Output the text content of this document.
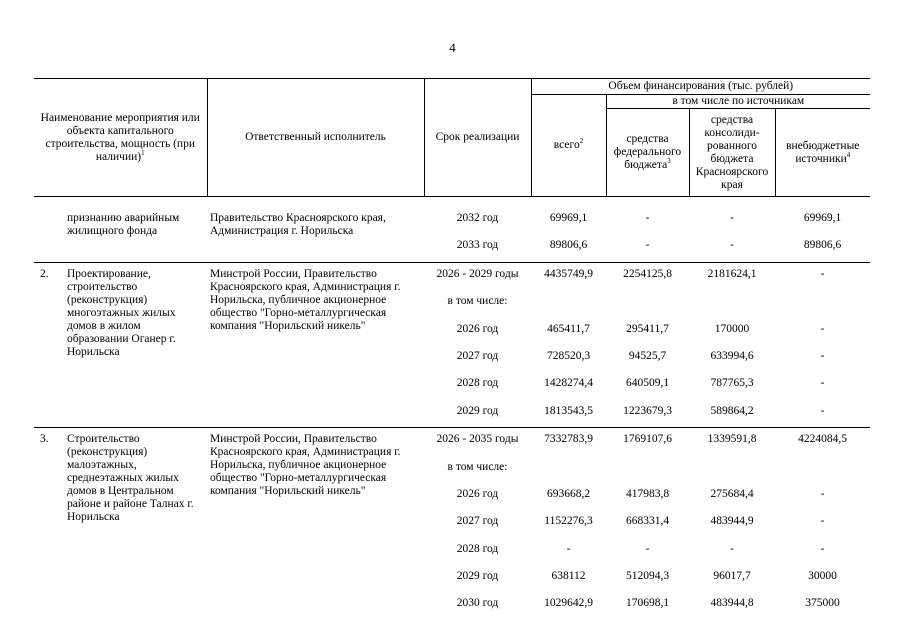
4
Наименование мероприятия или объекта капитального строительства, мощность (при наличии)$^1$	Ответственный исполнитель	Срок реализации	Объем финансирования (тыс. рублей)			
			всего$^2$	в том числе по источникам		
				средства федерального бюджета$^3$	средства консолиди-рованного бюджета Красноярского края	внебюджетные источники$^4$
	признанию аварийным жилищного фонда	Правительство Красноярского края, Администрация г. Норильска	2032 год	69969,1	-	-	69969,1
			2033 год	89806,6	-	-	89806,6
2.	Проектирование, строительство (реконструкция) многоэтажных жилых домов в жилом образовании Оганер г. Норильска	Минстрой России, Правительство Красноярского края, Администрация г. Норильска, публичное акционерное общество "Горно-металлургическая компания "Норильский никель"	2026 - 2029 годы	4435749,9	2254125,8	2181624,1	-
			в том числе:				
			2026 год	465411,7	295411,7	170000	-
			2027 год	728520,3	94525,7	633994,6	-
			2028 год	1428274,4	640509,1	787765,3	-
			2029 год	1813543,5	1223679,3	589864,2	-
3.	Строительство (реконструкция) малоэтажных, среднеэтажных жилых домов в Центральном районе и районе Талнах г. Норильска	Минстрой России, Правительство Красноярского края, Администрация г. Норильска, публичное акционерное общество "Горно-металлургическая компания "Норильский никель"	2026 - 2035 годы	7332783,9	1769107,6	1339591,8	4224084,5
			в том числе:				
			2026 год	693668,2	417983,8	275684,4	-
			2027 год	1152276,3	668331,4	483944,9	-
			2028 год	-	-	-	-
			2029 год	638112	512094,3	96017,7	30000
			2030 год	1029642,9	170698,1	483944,8	375000
